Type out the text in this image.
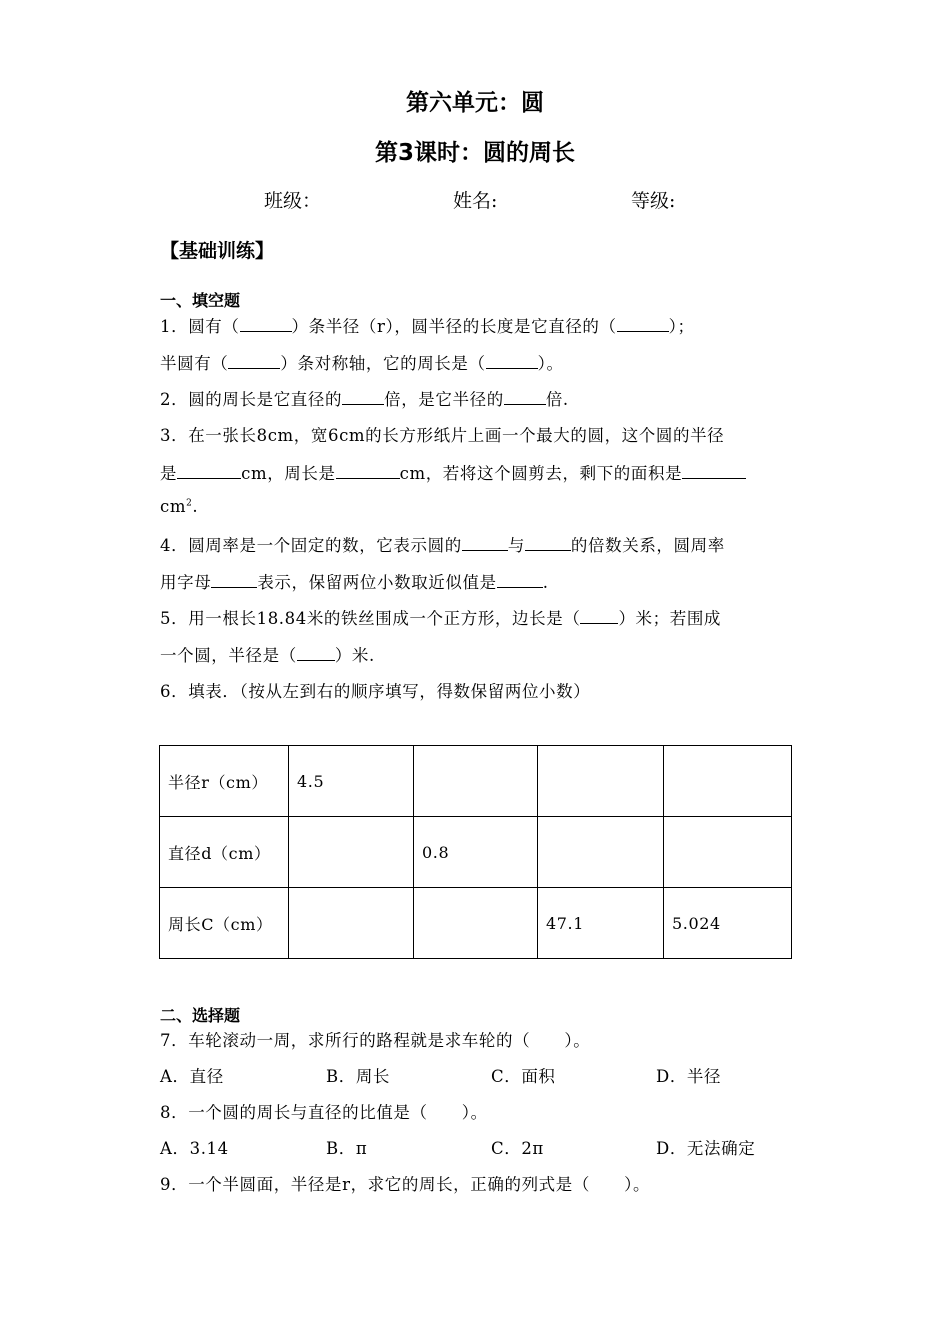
第六单元：圆
第3课时：圆的周长
班级：	姓名:	等级:
【基础训练】
一、填空题
1．圆有（	）条半径（r），圆半径的长度是它直径的（	）；
半圆有（	）条对称轴，它的周长是（	）。
2．圆的周长是它直径的	倍，是它半径的	倍.
3．在一张长8cm，宽6cm的长方形纸片上画一个最大的圆，这个圆的半径
是	cm，周长是	cm，若将这个圆剪去，剩下的面积是
$cm^2$.
4．圆周率是一个固定的数，它表示圆的	与	的倍数关系，圆周率
用字母	表示，保留两位小数取近似值是	.
5．用一根长18.84米的铁丝围成一个正方形，边长是（ ）米；若围成
一个圆，半径是（ ）米.
6．填表．（按从左到右的顺序填写，得数保留两位小数）
半径r（cm）	4.5			
直径d（cm）		0.8		
周长C（cm）			47.1	5.024
二、选择题
7．车轮滚动一周，求所行的路程就是求车轮的（　　）。
A．直径	B．周长	C．面积	D．半径
8．一个圆的周长与直径的比值是（　　）。
A．3.14	B．π	C．2π	D．无法确定
9．一个半圆面，半径是r，求它的周长，正确的列式是（　　）。
